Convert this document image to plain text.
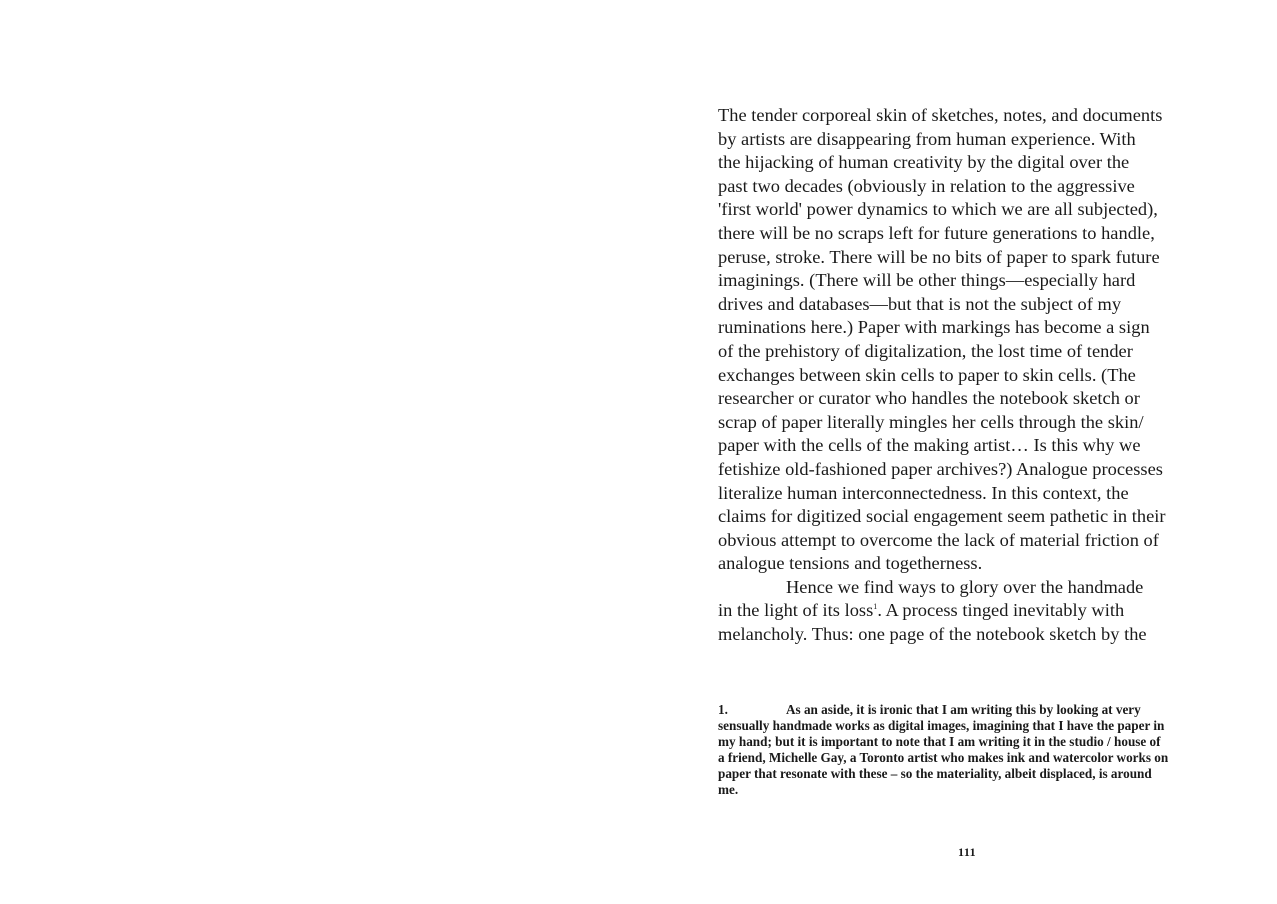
The tender corporeal skin of sketches, notes, and documents
by artists are disappearing from human experience. With
the hijacking of human creativity by the digital over the
past two decades (obviously in relation to the aggressive
'first world' power dynamics to which we are all subjected),
there will be no scraps left for future generations to handle,
peruse, stroke. There will be no bits of paper to spark future
imaginings. (There will be other things—especially hard
drives and databases—but that is not the subject of my
ruminations here.) Paper with markings has become a sign
of the prehistory of digitalization, the lost time of tender
exchanges between skin cells to paper to skin cells. (The
researcher or curator who handles the notebook sketch or
scrap of paper literally mingles her cells through the skin/
paper with the cells of the making artist… Is this why we
fetishize old-fashioned paper archives?) Analogue processes
literalize human interconnectedness. In this context, the
claims for digitized social engagement seem pathetic in their
obvious attempt to overcome the lack of material friction of
analogue tensions and togetherness.
Hence we find ways to glory over the handmade
in the light of its loss$^1$. A process tinged inevitably with
melancholy. Thus: one page of the notebook sketch by the
1.	As an aside, it is ironic that I am writing this by looking at very
sensually handmade works as digital images, imagining that I have the paper in
my hand; but it is important to note that I am writing it in the studio / house of
a friend, Michelle Gay, a Toronto artist who makes ink and watercolor works on
paper that resonate with these – so the materiality, albeit displaced, is around
me.
111
